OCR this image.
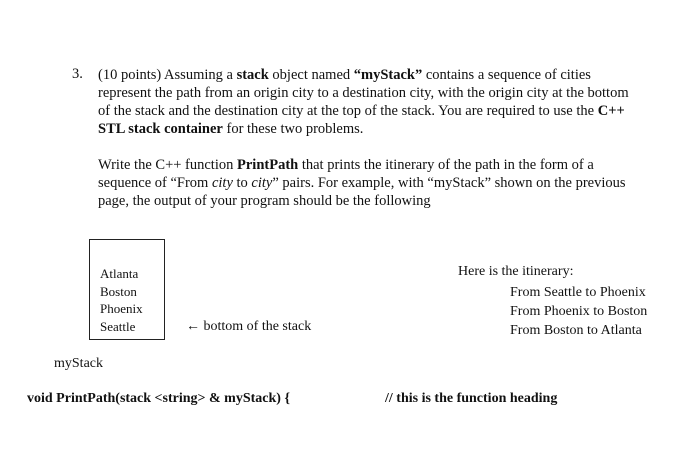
3. (10 points) Assuming a stack object named “myStack” contains a sequence of cities
represent the path from an origin city to a destination city, with the origin city at the bottom
of the stack and the destination city at the top of the stack. You are required to use the C++
STL stack container for these two problems.
Write the C++ function PrintPath that prints the itinerary of the path in the form of a
sequence of “From city to city” pairs. For example, with “myStack” shown on the previous
page, the output of your program should be the following
Atlanta
Boston
Phoenix
Seattle	← bottom of the stack
myStack
Here is the itinerary:
From Seattle to Phoenix
From Phoenix to Boston
From Boston to Atlanta
void PrintPath(stack <string> & myStack) {	// this is the function heading
